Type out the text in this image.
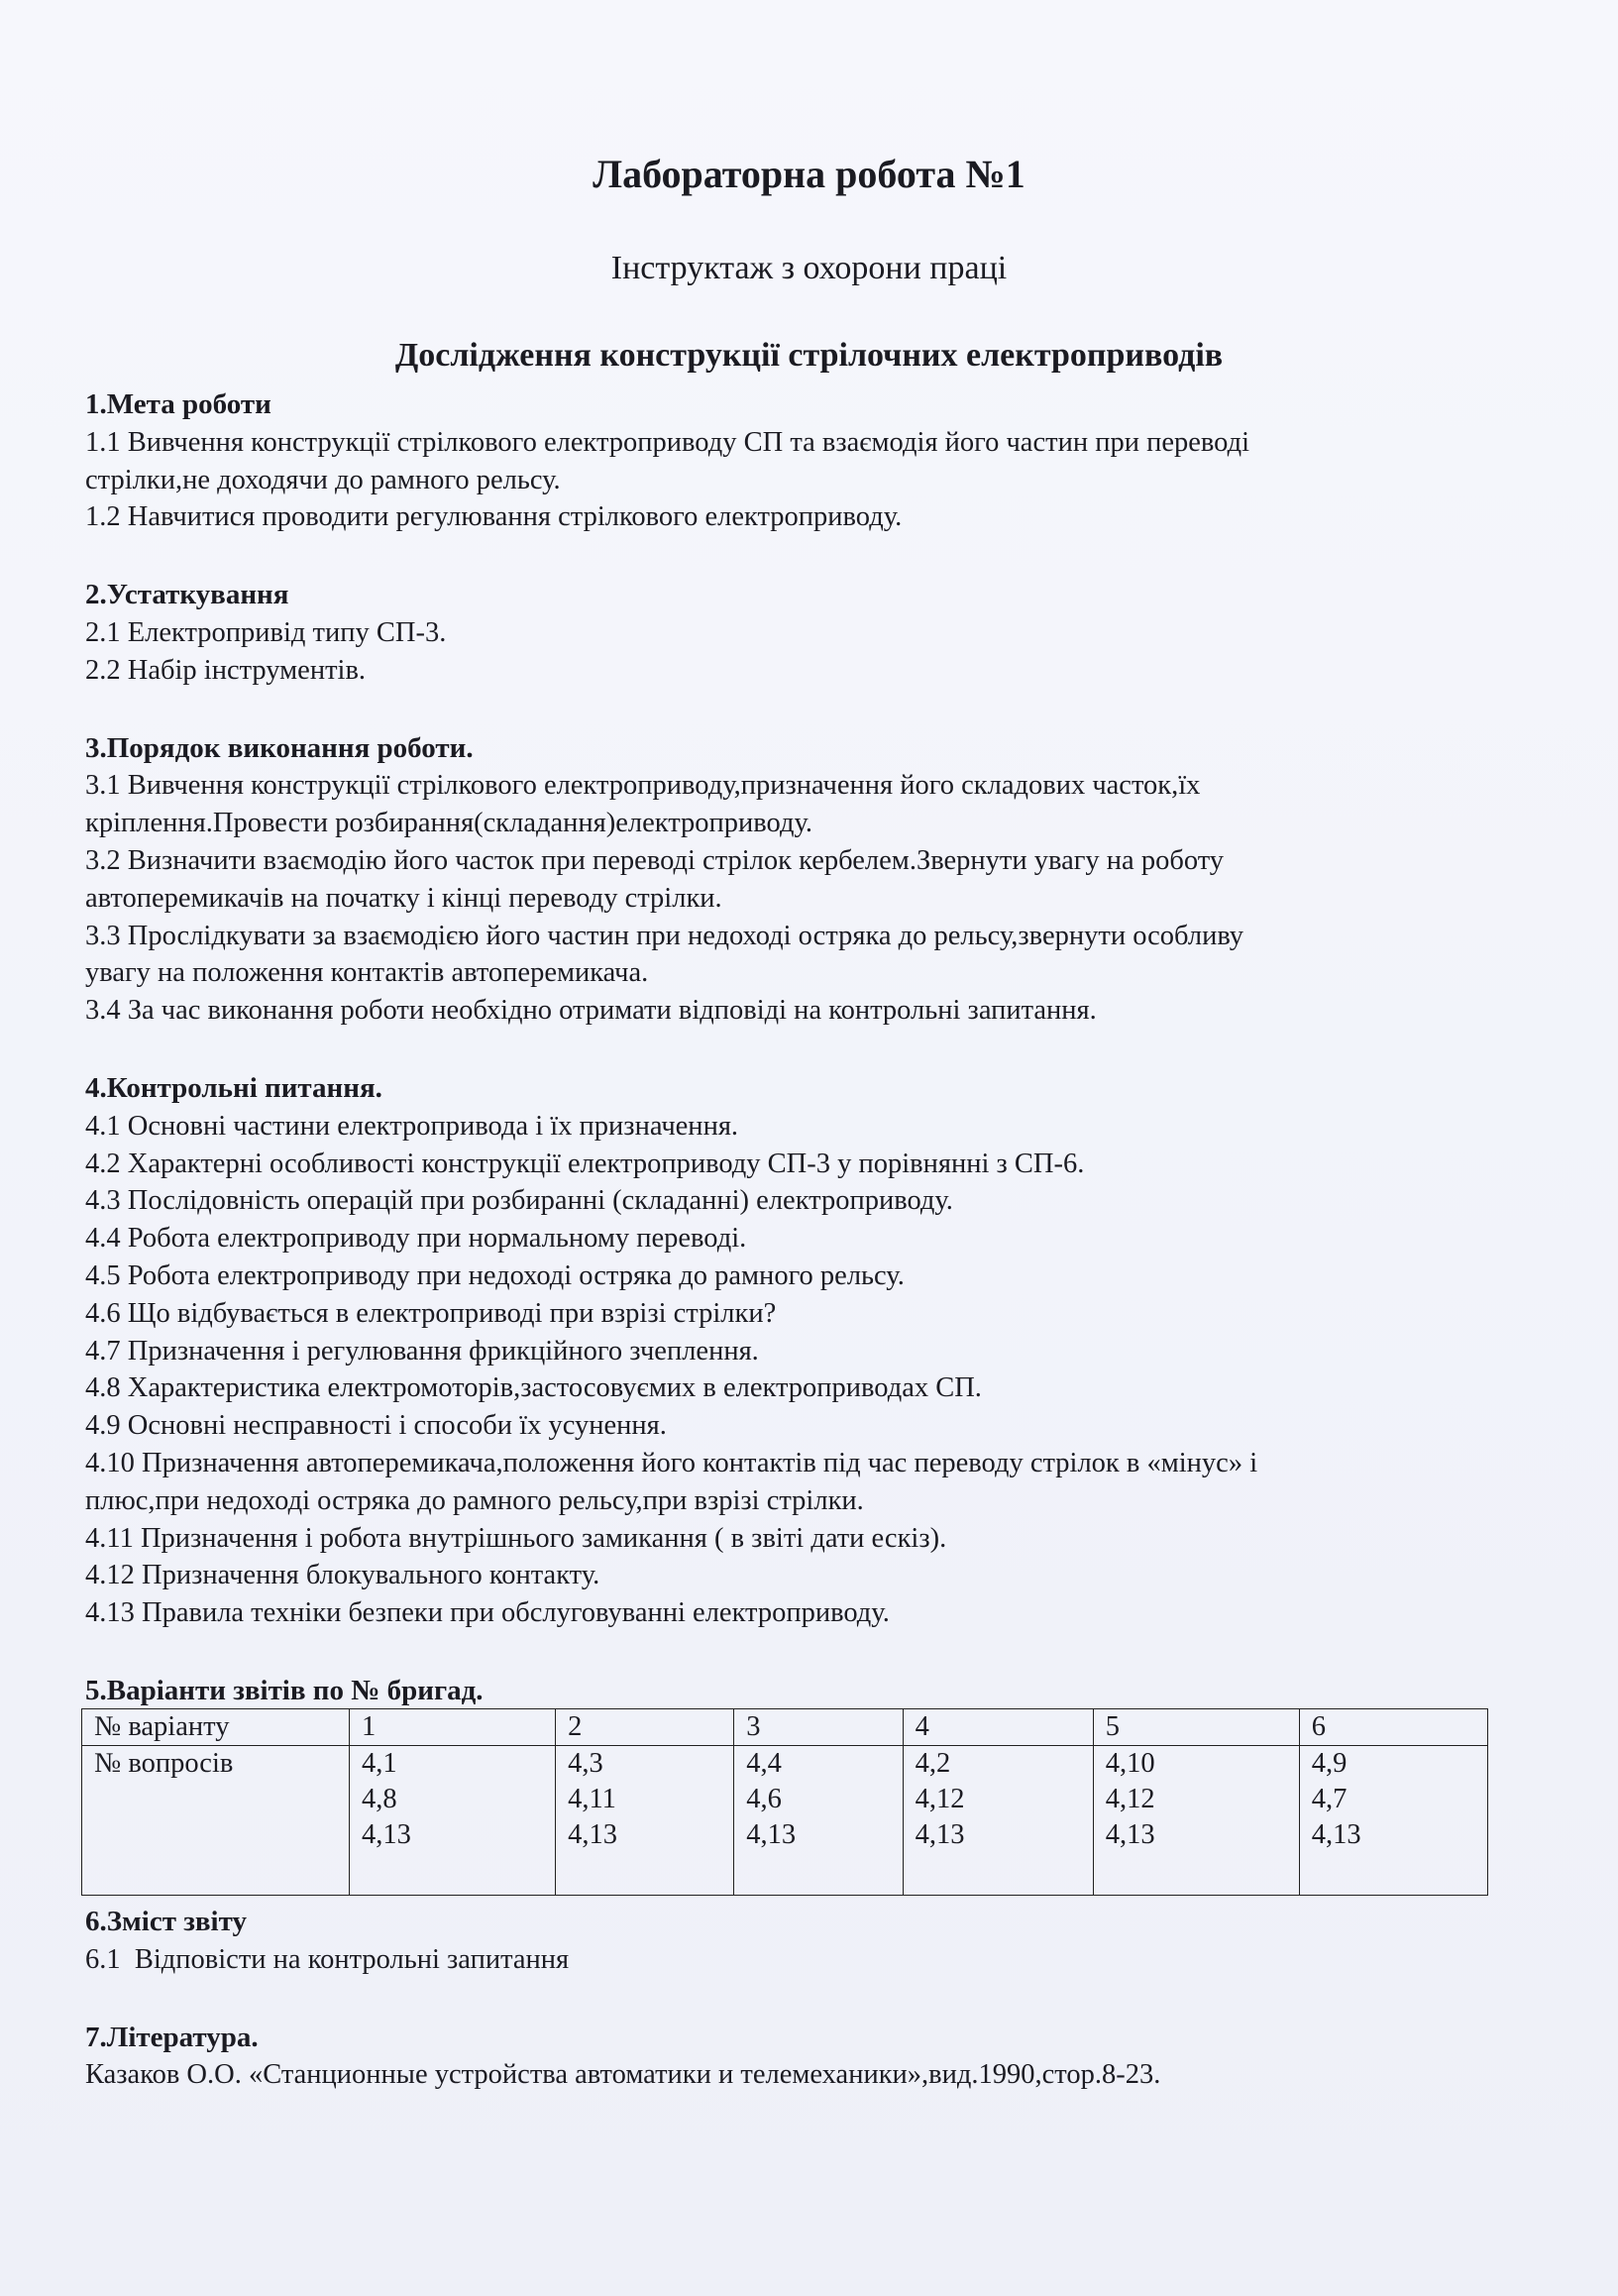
Лабораторна робота №1
Інструктаж з охорони праці
Дослідження конструкції стрілочних електроприводів
1.Мета роботи

1.1 Вивчення конструкції стрілкового електроприводу СП та взаємодія його частин при переводі

стрілки,не доходячи до рамного рельсу.

1.2 Навчитися проводити регулювання стрілкового електроприводу.

2.Устаткування

2.1 Електропривід типу СП-3.

2.2 Набір інструментів.

3.Порядок виконання роботи.

3.1 Вивчення конструкції стрілкового електроприводу,призначення його складових часток,їх

кріплення.Провести розбирання(складання)електроприводу.

3.2 Визначити взаємодію його часток при переводі стрілок кербелем.Звернути увагу на роботу

автоперемикачів на початку і кінці переводу стрілки.

3.3 Прослідкувати за взаємодією його частин при недоході остряка до рельсу,звернути особливу

увагу на положення контактів автоперемикача.

3.4 За час виконання роботи необхідно отримати відповіді на контрольні запитання.

4.Контрольні питання.

4.1 Основні частини електропривода і їх призначення.

4.2 Характерні особливості конструкції електроприводу СП-3 у порівнянні з СП-6.

4.3 Послідовність операцій при розбиранні (складанні) електроприводу.

4.4 Робота електроприводу при нормальному переводі.

4.5 Робота електроприводу при недоході остряка до рамного рельсу.

4.6 Що відбувається в електроприводі при взрізі стрілки?

4.7 Призначення і регулювання фрикційного зчеплення.

4.8 Характеристика електромоторів,застосовуємих в електроприводах СП.

4.9 Основні несправності і способи їх усунення.

4.10 Призначення автоперемикача,положення його контактів під час переводу стрілок в «мінус» і

плюс,при недоході остряка до рамного рельсу,при взрізі стрілки.

4.11 Призначення і робота внутрішнього замикання ( в звіті дати ескіз).

4.12 Призначення блокувального контакту.

4.13 Правила техніки безпеки при обслуговуванні електроприводу.

5.Варіанти звітів по № бригад.
№ варіанту	1	2	3	4	5	6
№ вопросів	4,1
4,8
4,13	4,3
4,11
4,13	4,4
4,6
4,13	4,2
4,12
4,13	4,10
4,12
4,13	4,9
4,7
4,13
6.Зміст звіту

6.1  Відповісти на контрольні запитання

7.Література.

Казаков О.О. «Станционные устройства автоматики и телемеханики»,вид.1990,стор.8-23.
